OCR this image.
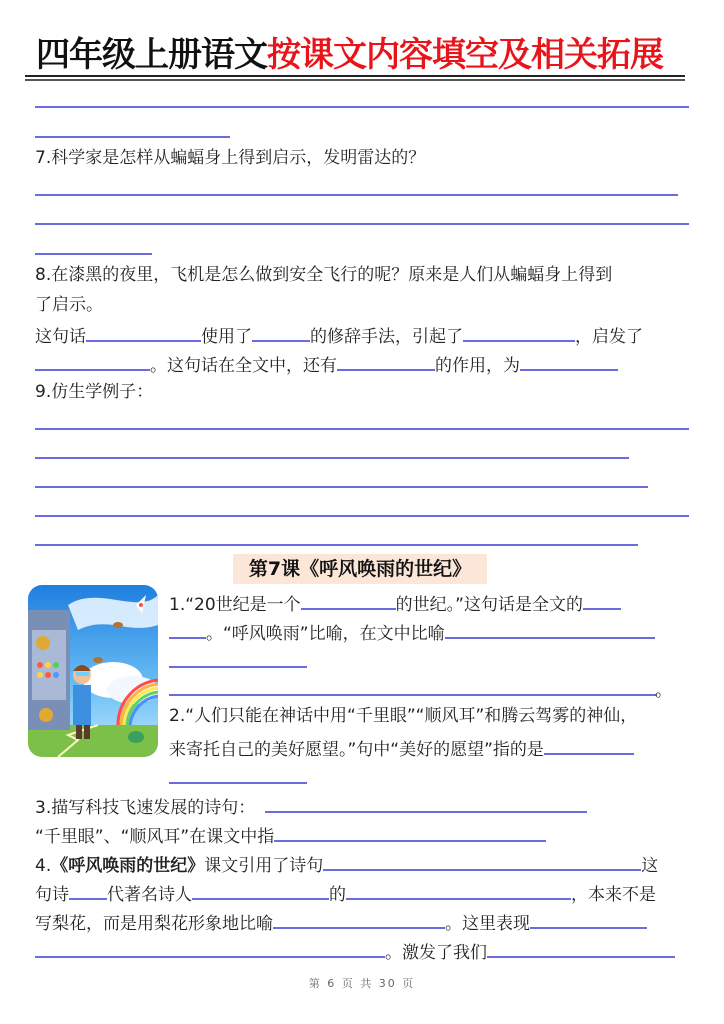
四年级上册语文按课文内容填空及相关拓展
7.科学家是怎样从蝙蝠身上得到启示，发明雷达的？
8.在漆黑的夜里，飞机是怎么做到安全飞行的呢？原来是人们从蝙蝠身上得到
了启示。
这句话	使用了	的修辞手法，引起了	，启发了
。这句话在全文中，还有	的作用，为
9.仿生学例子：
第7课《呼风唤雨的世纪》
1.“20世纪是一个	的世纪。”这句话是全文的
。“呼风唤雨”比喻，在文中比喻
。
2.“人们只能在神话中用“千里眼”“顺风耳”和腾云驾雾的神仙，
来寄托自己的美好愿望。”句中“美好的愿望”指的是
3.描写科技飞速发展的诗句：
“千里眼”、“顺风耳”在课文中指
4.《呼风唤雨的世纪》课文引用了诗句	这
句诗 代著名诗人	的	，本来不是
写梨花，而是用梨花形象地比喻	。这里表现
。激发了我们
第 6 页 共 30 页
